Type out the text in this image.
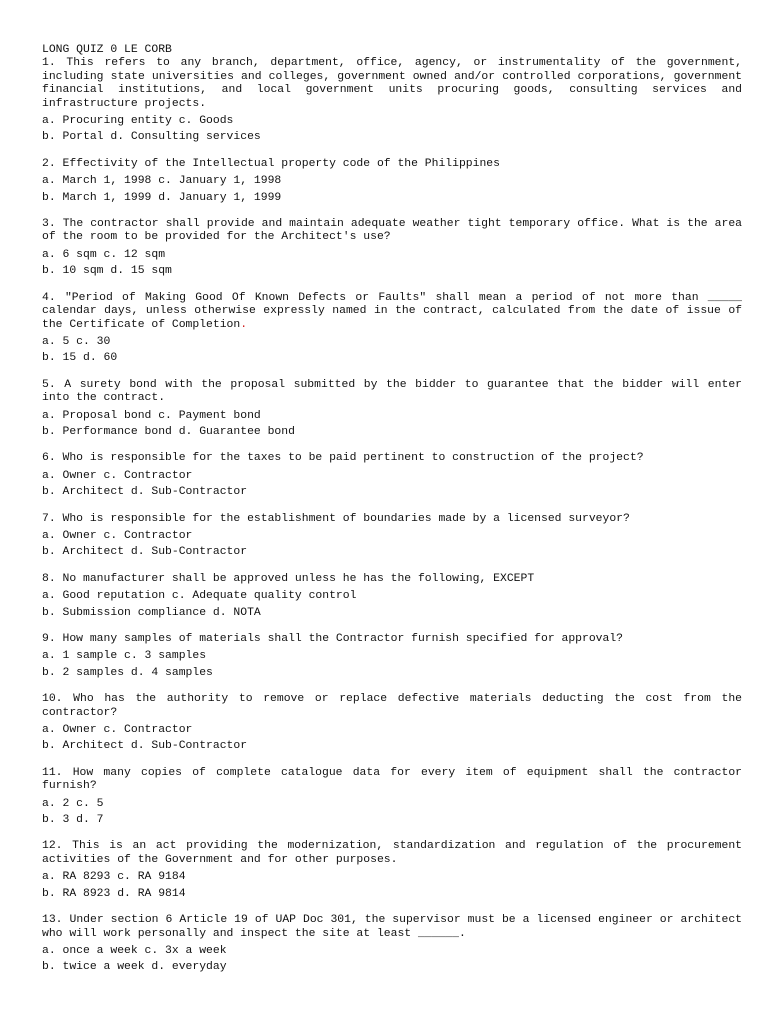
LONG QUIZ 0 LE CORB
1. This refers to any branch, department, office, agency, or instrumentality of the government, including state universities and colleges, government owned and/or controlled corporations, government financial institutions, and local government units procuring goods, consulting services and infrastructure projects.
a. Procuring entity c. Goods
b. Portal d. Consulting services
2. Effectivity of the Intellectual property code of the Philippines
a. March 1, 1998 c. January 1, 1998
b. March 1, 1999 d. January 1, 1999
3. The contractor shall provide and maintain adequate weather tight temporary office. What is the area of the room to be provided for the Architect's use?
a. 6 sqm c. 12 sqm
b. 10 sqm d. 15 sqm
4. "Period of Making Good Of Known Defects or Faults" shall mean a period of not more than _____ calendar days, unless otherwise expressly named in the contract, calculated from the date of issue of the Certificate of Completion.
a. 5 c. 30
b. 15 d. 60
5. A surety bond with the proposal submitted by the bidder to guarantee that the bidder will enter into the contract.
a. Proposal bond c. Payment bond
b. Performance bond d. Guarantee bond
6. Who is responsible for the taxes to be paid pertinent to construction of the project?
a. Owner c. Contractor
b. Architect d. Sub-Contractor
7. Who is responsible for the establishment of boundaries made by a licensed surveyor?
a. Owner c. Contractor
b. Architect d. Sub-Contractor
8. No manufacturer shall be approved unless he has the following, EXCEPT
a. Good reputation c. Adequate quality control
b. Submission compliance d. NOTA
9. How many samples of materials shall the Contractor furnish specified for approval?
a. 1 sample c. 3 samples
b. 2 samples d. 4 samples
10. Who has the authority to remove or replace defective materials deducting the cost from the contractor?
a. Owner c. Contractor
b. Architect d. Sub-Contractor
11. How many copies of complete catalogue data for every item of equipment shall the contractor furnish?
a. 2 c. 5
b. 3 d. 7
12. This is an act providing the modernization, standardization and regulation of the procurement activities of the Government and for other purposes.
a. RA 8293 c. RA 9184
b. RA 8923 d. RA 9814
13. Under section 6 Article 19 of UAP Doc 301, the supervisor must be a licensed engineer or architect who will work personally and inspect the site at least ______.
a. once a week c. 3x a week
b. twice a week d. everyday
